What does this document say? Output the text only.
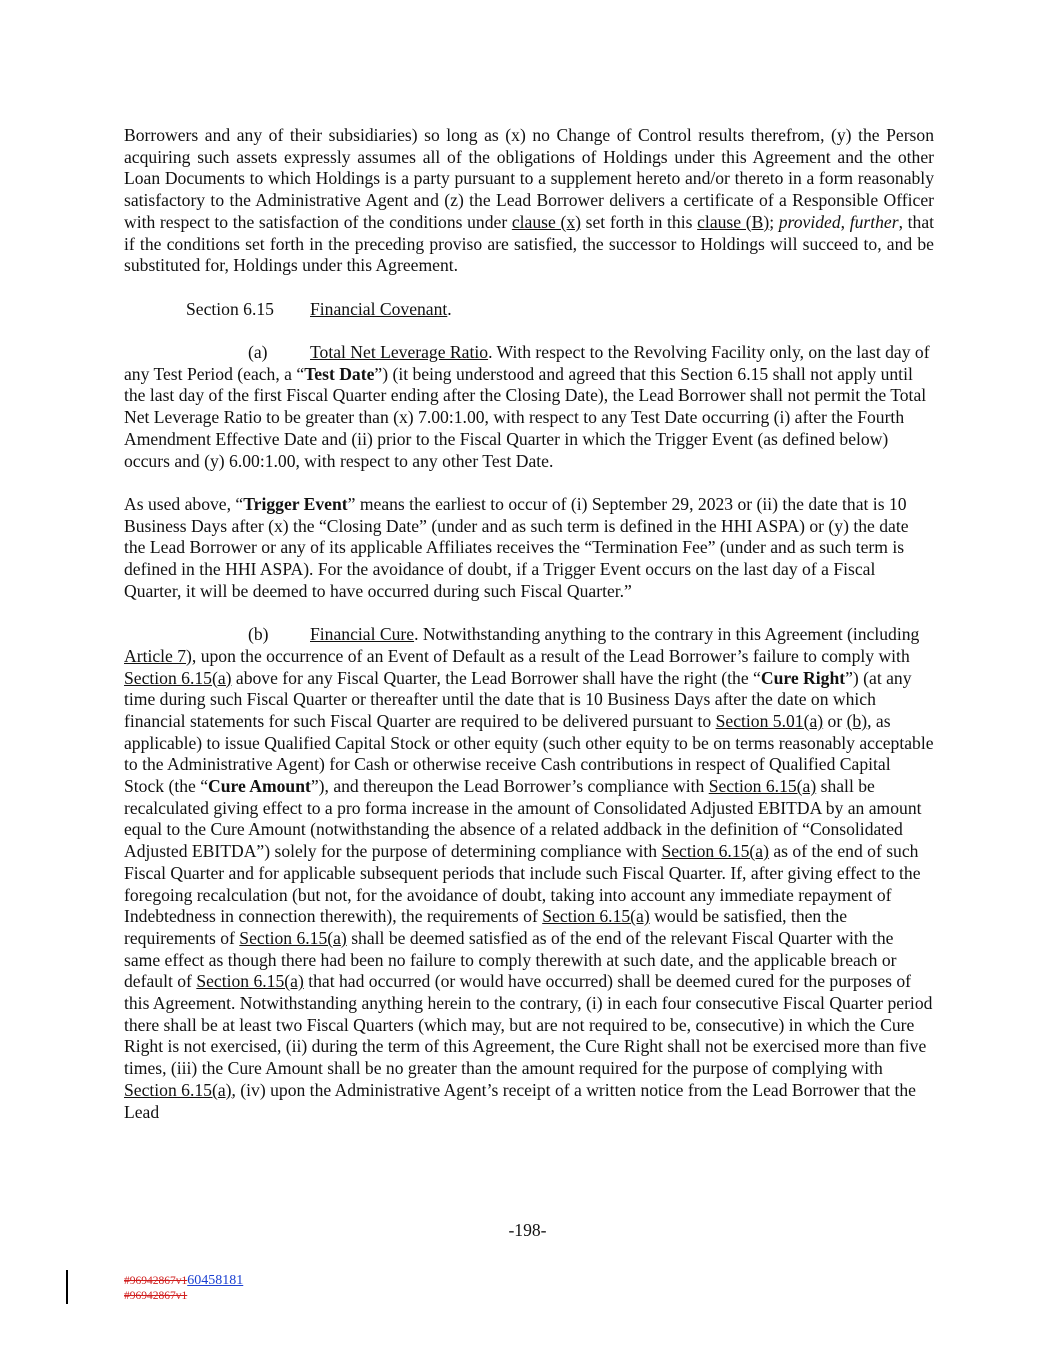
Borrowers and any of their subsidiaries) so long as (x) no Change of Control results therefrom, (y) the Person acquiring such assets expressly assumes all of the obligations of Holdings under this Agreement and the other Loan Documents to which Holdings is a party pursuant to a supplement hereto and/or thereto in a form reasonably satisfactory to the Administrative Agent and (z) the Lead Borrower delivers a certificate of a Responsible Officer with respect to the satisfaction of the conditions under clause (x) set forth in this clause (B); provided, further, that if the conditions set forth in the preceding proviso are satisfied, the successor to Holdings will succeed to, and be substituted for, Holdings under this Agreement.

Section 6.15 Financial Covenant.

(a) Total Net Leverage Ratio. With respect to the Revolving Facility only, on the last day of any Test Period (each, a “Test Date”) (it being understood and agreed that this Section 6.15 shall not apply until the last day of the first Fiscal Quarter ending after the Closing Date), the Lead Borrower shall not permit the Total Net Leverage Ratio to be greater than (x) 7.00:1.00, with respect to any Test Date occurring (i) after the Fourth Amendment Effective Date and (ii) prior to the Fiscal Quarter in which the Trigger Event (as defined below) occurs and (y) 6.00:1.00, with respect to any other Test Date.

As used above, “Trigger Event” means the earliest to occur of (i) September 29, 2023 or (ii) the date that is 10 Business Days after (x) the “Closing Date” (under and as such term is defined in the HHI ASPA) or (y) the date the Lead Borrower or any of its applicable Affiliates receives the “Termination Fee” (under and as such term is defined in the HHI ASPA). For the avoidance of doubt, if a Trigger Event occurs on the last day of a Fiscal Quarter, it will be deemed to have occurred during such Fiscal Quarter.”

(b) Financial Cure. Notwithstanding anything to the contrary in this Agreement (including Article 7), upon the occurrence of an Event of Default as a result of the Lead Borrower’s failure to comply with Section 6.15(a) above for any Fiscal Quarter, the Lead Borrower shall have the right (the “Cure Right”) (at any time during such Fiscal Quarter or thereafter until the date that is 10 Business Days after the date on which financial statements for such Fiscal Quarter are required to be delivered pursuant to Section 5.01(a) or (b), as applicable) to issue Qualified Capital Stock or other equity (such other equity to be on terms reasonably acceptable to the Administrative Agent) for Cash or otherwise receive Cash contributions in respect of Qualified Capital Stock (the “Cure Amount”), and thereupon the Lead Borrower’s compliance with Section 6.15(a) shall be recalculated giving effect to a pro forma increase in the amount of Consolidated Adjusted EBITDA by an amount equal to the Cure Amount (notwithstanding the absence of a related addback in the definition of “Consolidated Adjusted EBITDA”) solely for the purpose of determining compliance with Section 6.15(a) as of the end of such Fiscal Quarter and for applicable subsequent periods that include such Fiscal Quarter. If, after giving effect to the foregoing recalculation (but not, for the avoidance of doubt, taking into account any immediate repayment of Indebtedness in connection therewith), the requirements of Section 6.15(a) would be satisfied, then the requirements of Section 6.15(a) shall be deemed satisfied as of the end of the relevant Fiscal Quarter with the same effect as though there had been no failure to comply therewith at such date, and the applicable breach or default of Section 6.15(a) that had occurred (or would have occurred) shall be deemed cured for the purposes of this Agreement. Notwithstanding anything herein to the contrary, (i) in each four consecutive Fiscal Quarter period there shall be at least two Fiscal Quarters (which may, but are not required to be, consecutive) in which the Cure Right is not exercised, (ii) during the term of this Agreement, the Cure Right shall not be exercised more than five times, (iii) the Cure Amount shall be no greater than the amount required for the purpose of complying with Section 6.15(a), (iv) upon the Administrative Agent’s receipt of a written notice from the Lead Borrower that the Lead

-198-
#96942867v160458181
#96942867v1
